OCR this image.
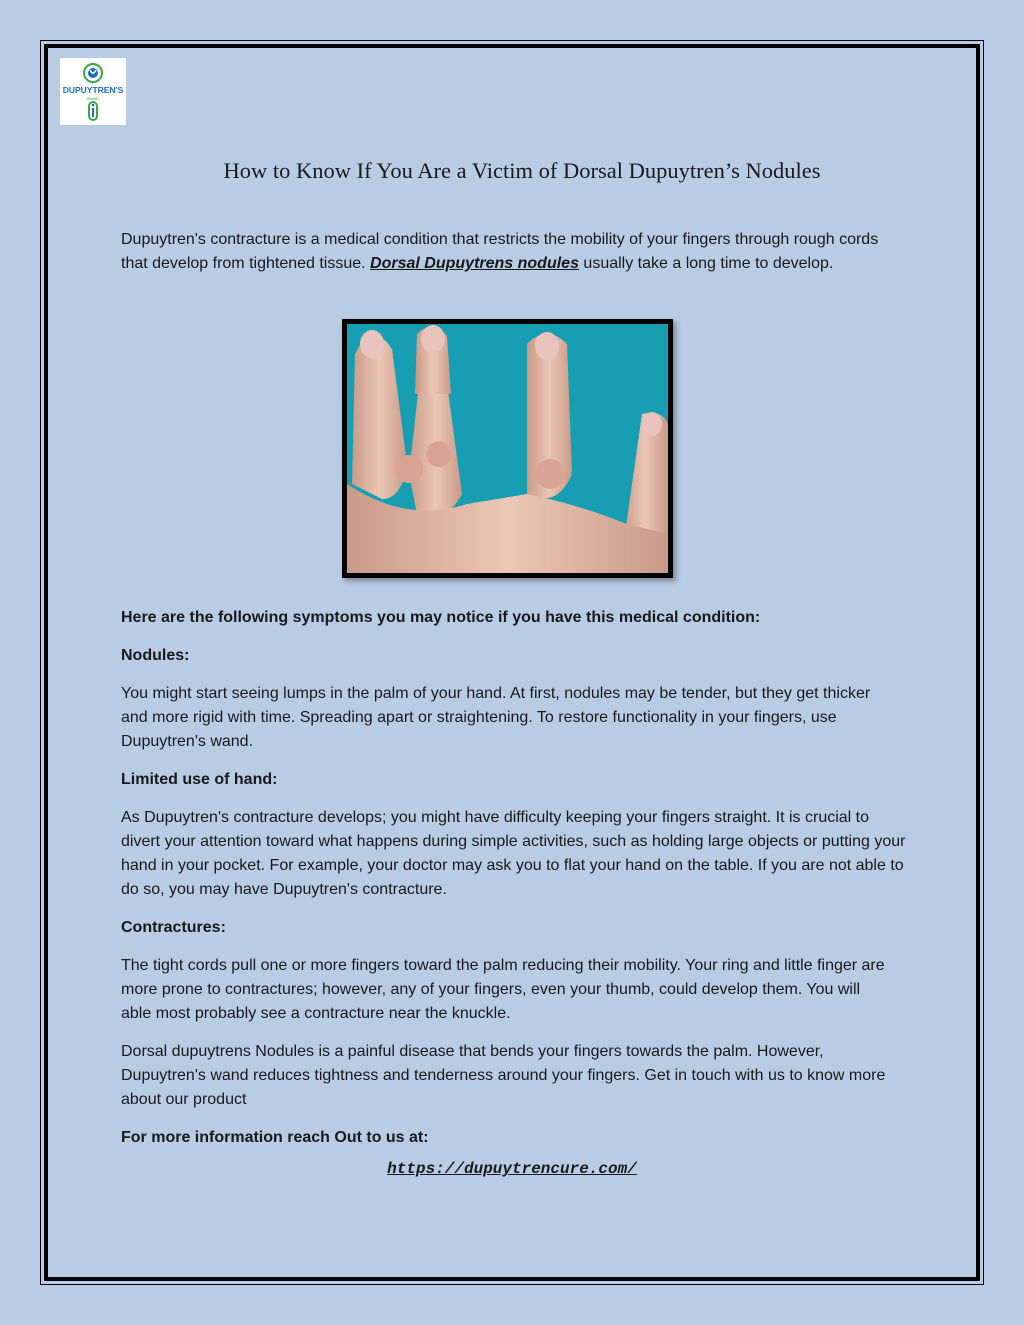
DUPUYTREN'S
WAND
How to Know If You Are a Victim of Dorsal Dupuytren’s Nodules

Dupuytren's contracture is a medical condition that restricts the mobility of your fingers through rough cords that develop from tightened tissue. Dorsal Dupuytrens nodules usually take a long time to develop.

Here are the following symptoms you may notice if you have this medical condition:

Nodules:

You might start seeing lumps in the palm of your hand. At first, nodules may be tender, but they get thicker and more rigid with time. Spreading apart or straightening. To restore functionality in your fingers, use Dupuytren's wand.

Limited use of hand:

As Dupuytren's contracture develops; you might have difficulty keeping your fingers straight. It is crucial to divert your attention toward what happens during simple activities, such as holding large objects or putting your hand in your pocket. For example, your doctor may ask you to flat your hand on the table. If you are not able to do so, you may have Dupuytren's contracture.

Contractures:

The tight cords pull one or more fingers toward the palm reducing their mobility. Your ring and little finger are more prone to contractures; however, any of your fingers, even your thumb, could develop them. You will able most probably see a contracture near the knuckle.

Dorsal dupuytrens Nodules is a painful disease that bends your fingers towards the palm. However, Dupuytren's wand reduces tightness and tenderness around your fingers. Get in touch with us to know more about our product

For more information reach Out to us at:

https://dupuytrencure.com/
